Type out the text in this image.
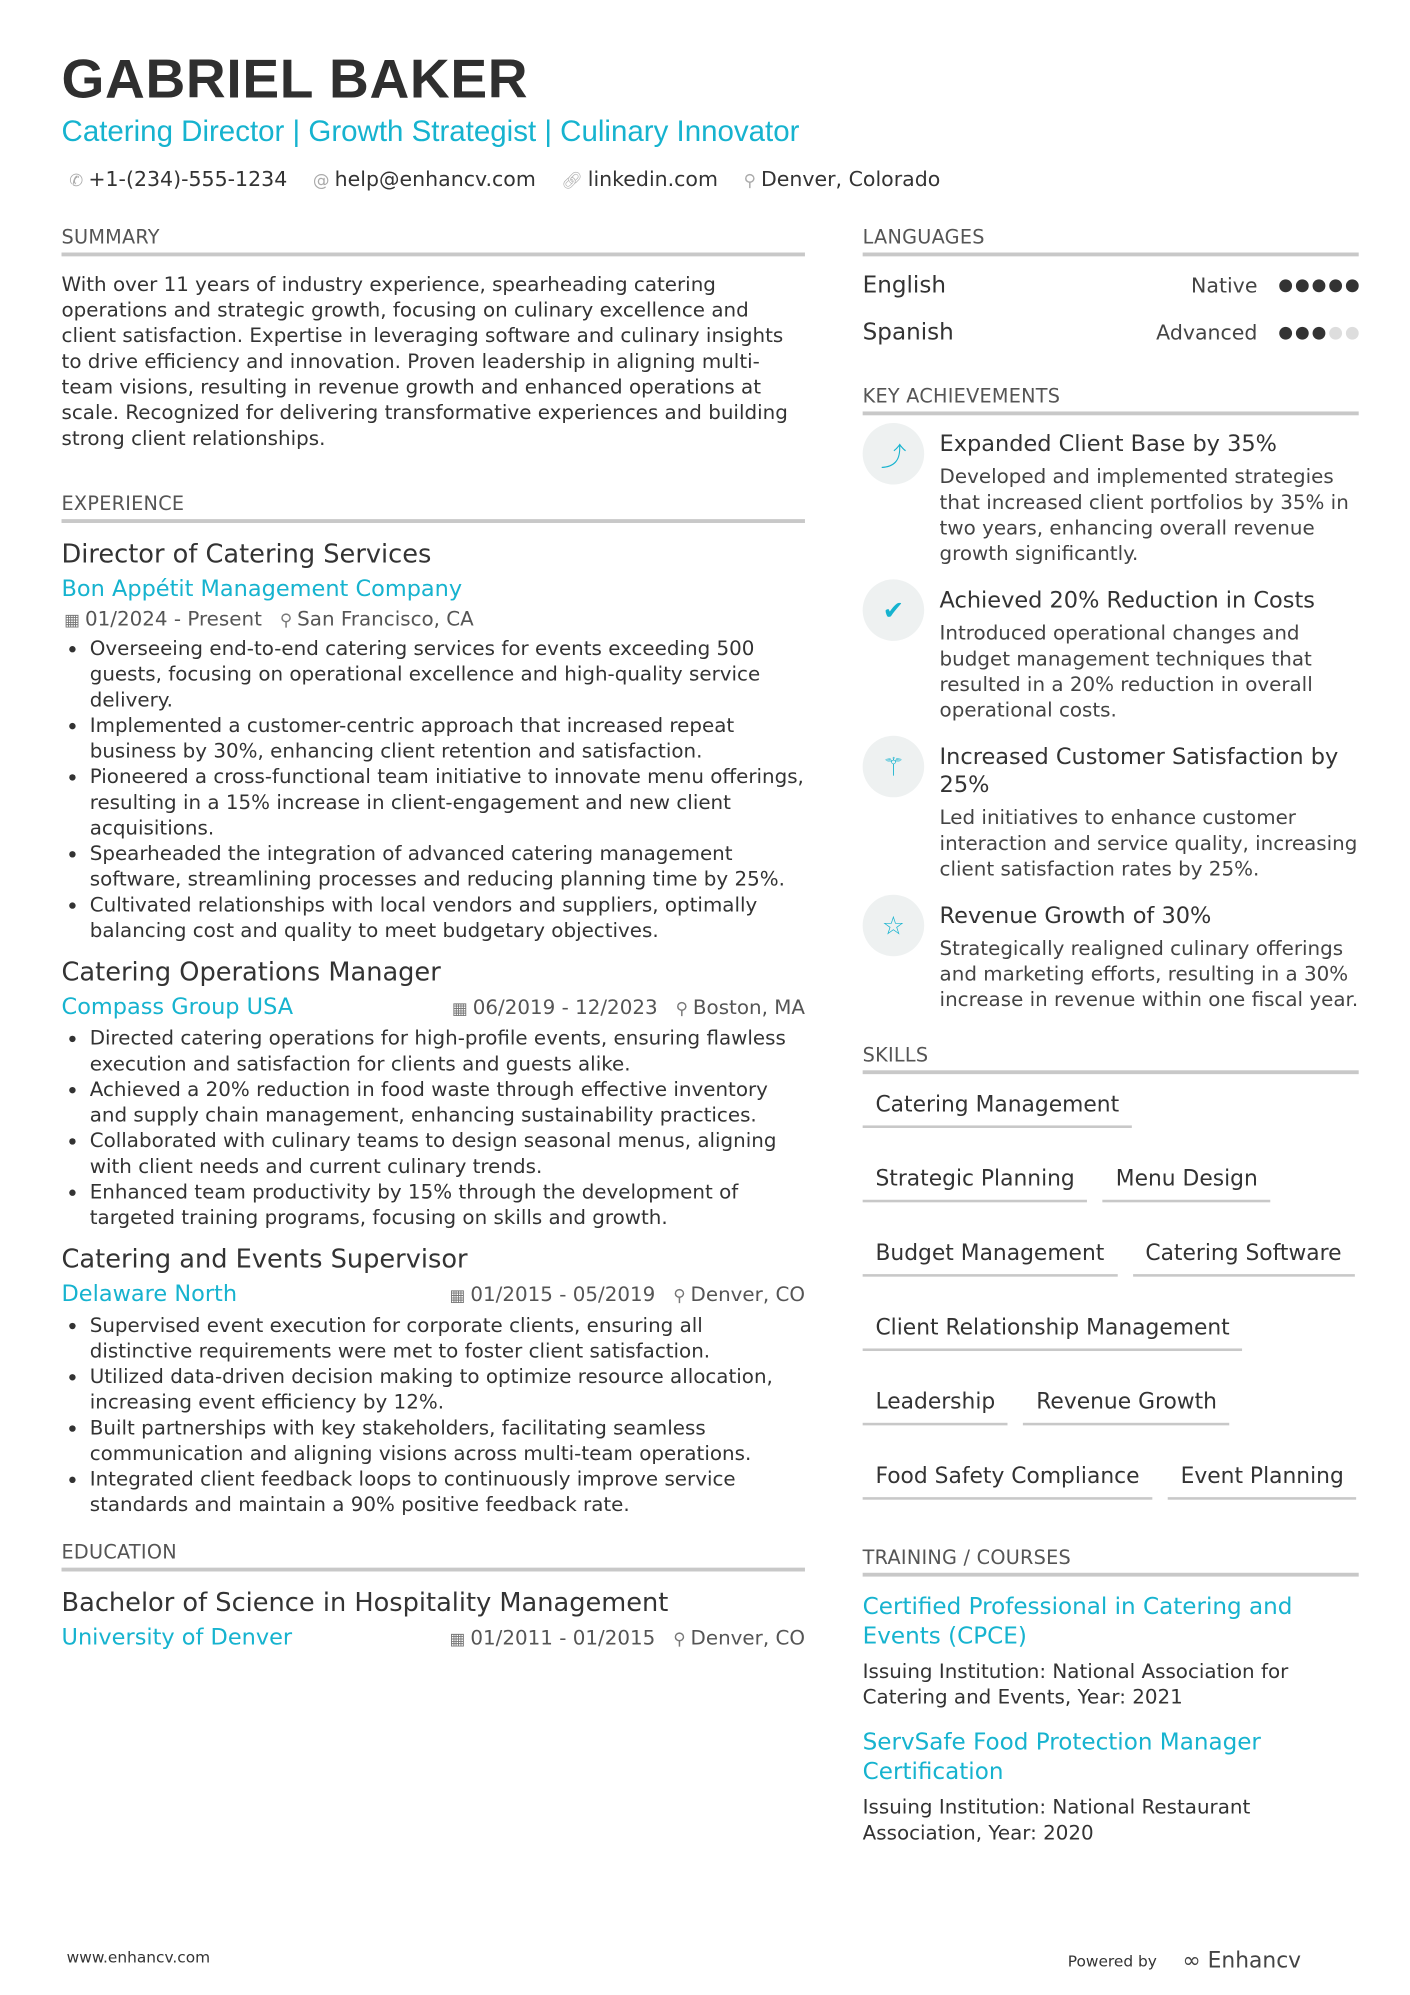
GABRIEL BAKER
Catering Director | Growth Strategist | Culinary Innovator
✆ +1-(234)-555-1234 @ help@enhancv.com 🔗︎ linkedin.com ⚲ Denver, Colorado
SUMMARY

With over 11 years of industry experience, spearheading catering operations and strategic growth, focusing on culinary excellence and client satisfaction. Expertise in leveraging software and culinary insights to drive efficiency and innovation. Proven leadership in aligning multi-team visions, resulting in revenue growth and enhanced operations at scale. Recognized for delivering transformative experiences and building strong client relationships.

EXPERIENCE
Director of Catering Services
Bon Appétit Management Company
▦ 01/2024 - Present ⚲ San Francisco, CA
• Overseeing end-to-end catering services for events exceeding 500 guests, focusing on operational excellence and high-quality service delivery.
• Implemented a customer-centric approach that increased repeat business by 30%, enhancing client retention and satisfaction.
• Pioneered a cross-functional team initiative to innovate menu offerings, resulting in a 15% increase in client-engagement and new client acquisitions.
• Spearheaded the integration of advanced catering management software, streamlining processes and reducing planning time by 25%.
• Cultivated relationships with local vendors and suppliers, optimally balancing cost and quality to meet budgetary objectives.
Catering Operations Manager
Compass Group USA	▦ 06/2019 - 12/2023 ⚲ Boston, MA
• Directed catering operations for high-profile events, ensuring flawless execution and satisfaction for clients and guests alike.
• Achieved a 20% reduction in food waste through effective inventory and supply chain management, enhancing sustainability practices.
• Collaborated with culinary teams to design seasonal menus, aligning with client needs and current culinary trends.
• Enhanced team productivity by 15% through the development of targeted training programs, focusing on skills and growth.
Catering and Events Supervisor
Delaware North	▦ 01/2015 - 05/2019 ⚲ Denver, CO
• Supervised event execution for corporate clients, ensuring all distinctive requirements were met to foster client satisfaction.
• Utilized data-driven decision making to optimize resource allocation, increasing event efficiency by 12%.
• Built partnerships with key stakeholders, facilitating seamless communication and aligning visions across multi-team operations.
• Integrated client feedback loops to continuously improve service standards and maintain a 90% positive feedback rate.
EDUCATION
Bachelor of Science in Hospitality Management
University of Denver	▦ 01/2011 - 01/2015 ⚲ Denver, CO
LANGUAGES
English	Native
Spanish	Advanced
KEY ACHIEVEMENTS
⤴	Expanded Client Base by 35%

Developed and implemented strategies that increased client portfolios by 35% in two years, enhancing overall revenue growth significantly.

✔	Achieved 20% Reduction in Costs

Introduced operational changes and budget management techniques that resulted in a 20% reduction in overall operational costs.

⚚	Increased Customer Satisfaction by 25%

Led initiatives to enhance customer interaction and service quality, increasing client satisfaction rates by 25%.

☆	Revenue Growth of 30%

Strategically realigned culinary offerings and marketing efforts, resulting in a 30% increase in revenue within one fiscal year.

SKILLS
Catering Management
Strategic Planning	Menu Design
Budget Management	Catering Software
Client Relationship Management
Leadership	Revenue Growth
Food Safety Compliance	Event Planning
TRAINING / COURSES
Certified Professional in Catering and Events (CPCE)

Issuing Institution: National Association for Catering and Events, Year: 2021

ServSafe Food Protection Manager Certification

Issuing Institution: National Restaurant Association, Year: 2020

www.enhancv.com	Powered by ∞ Enhancv
